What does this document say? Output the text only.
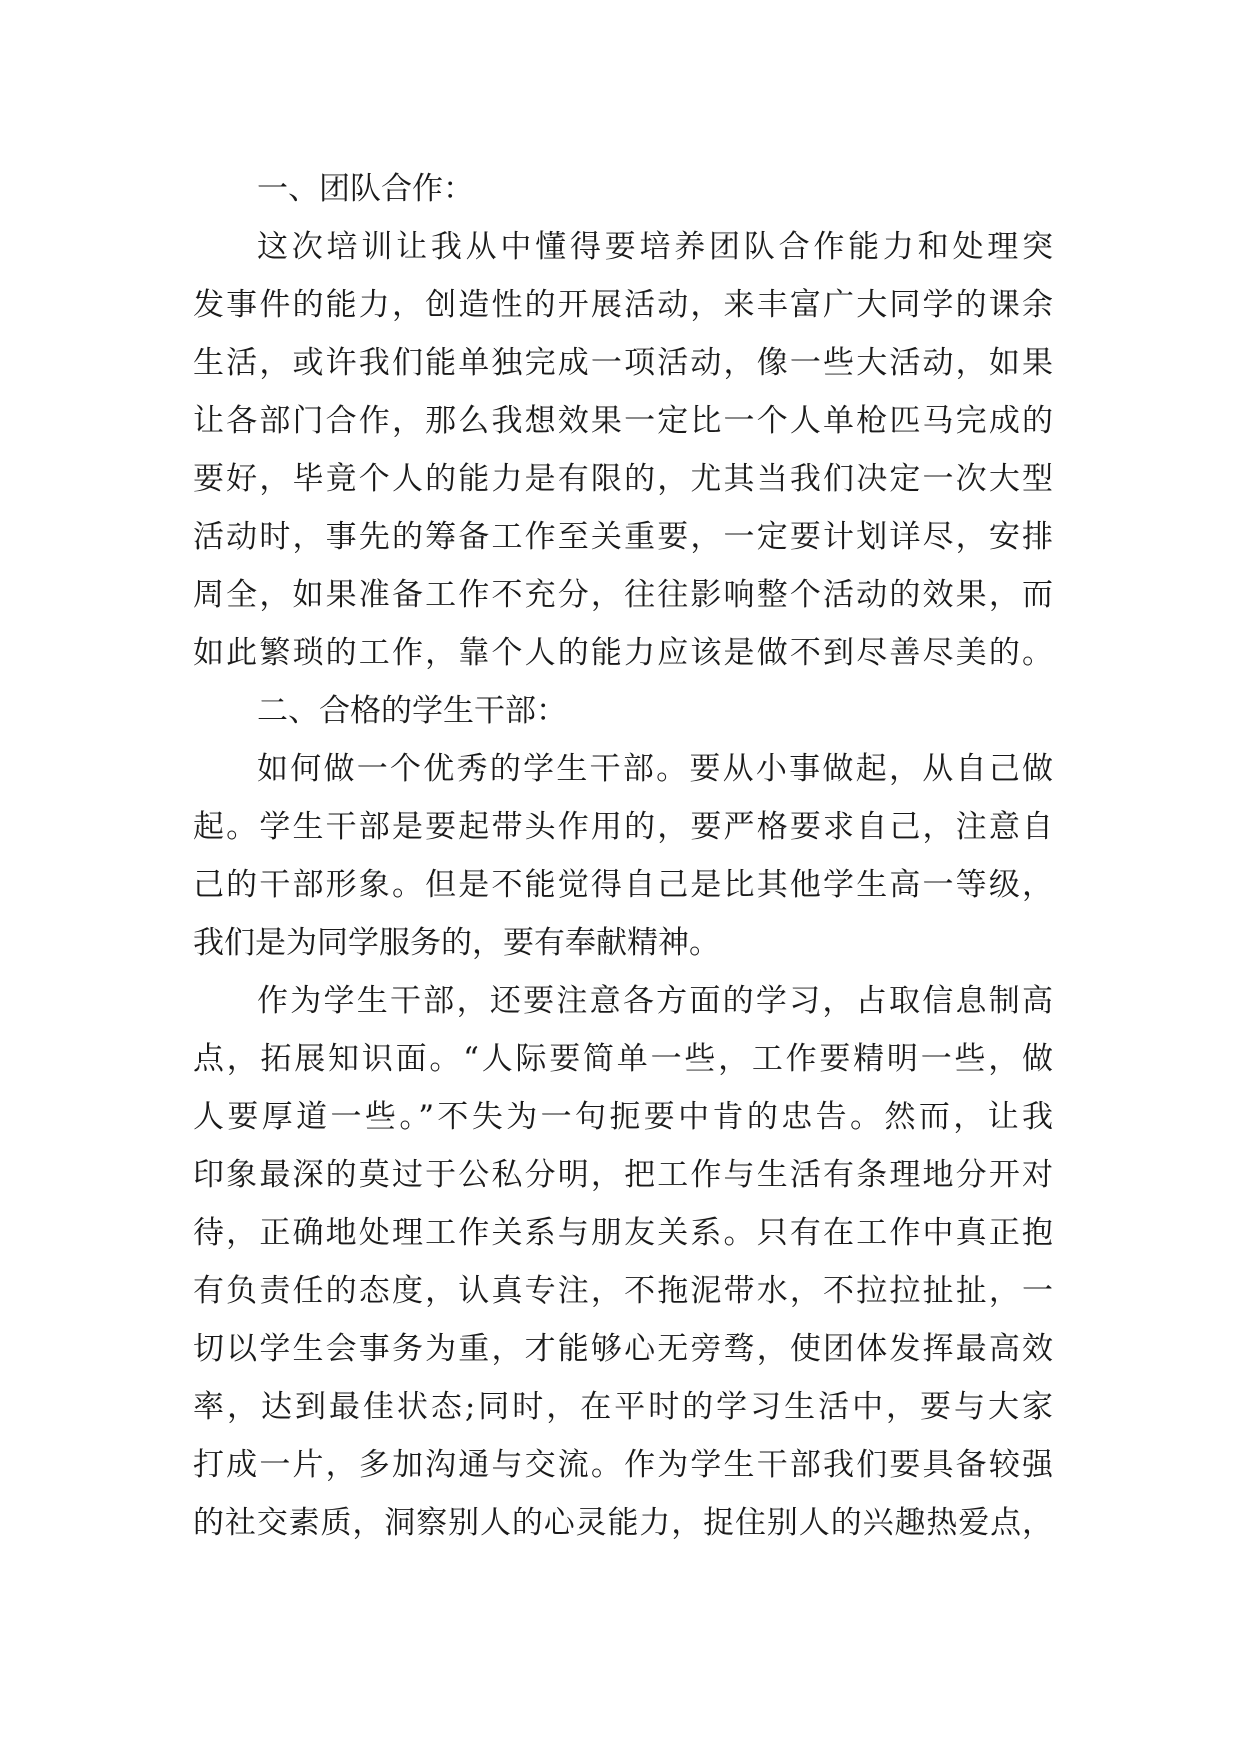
一、团队合作：
这次培训让我从中懂得要培养团队合作能力和处理突
发事件的能力，创造性的开展活动，来丰富广大同学的课余
生活，或许我们能单独完成一项活动，像一些大活动，如果
让各部门合作，那么我想效果一定比一个人单枪匹马完成的
要好，毕竟个人的能力是有限的，尤其当我们决定一次大型
活动时，事先的筹备工作至关重要，一定要计划详尽，安排
周全，如果准备工作不充分，往往影响整个活动的效果，而
如此繁琐的工作，靠个人的能力应该是做不到尽善尽美的。
二、合格的学生干部：
如何做一个优秀的学生干部。要从小事做起，从自己做
起。学生干部是要起带头作用的，要严格要求自己，注意自
己的干部形象。但是不能觉得自己是比其他学生高一等级，
我们是为同学服务的，要有奉献精神。
作为学生干部，还要注意各方面的学习，占取信息制高
点，拓展知识面。“人际要简单一些，工作要精明一些，做
人要厚道一些。”不失为一句扼要中肯的忠告。然而，让我
印象最深的莫过于公私分明，把工作与生活有条理地分开对
待，正确地处理工作关系与朋友关系。只有在工作中真正抱
有负责任的态度，认真专注，不拖泥带水，不拉拉扯扯，一
切以学生会事务为重，才能够心无旁骛，使团体发挥最高效
率，达到最佳状态;同时，在平时的学习生活中，要与大家
打成一片，多加沟通与交流。作为学生干部我们要具备较强
的社交素质，洞察别人的心灵能力，捉住别人的兴趣热爱点，
